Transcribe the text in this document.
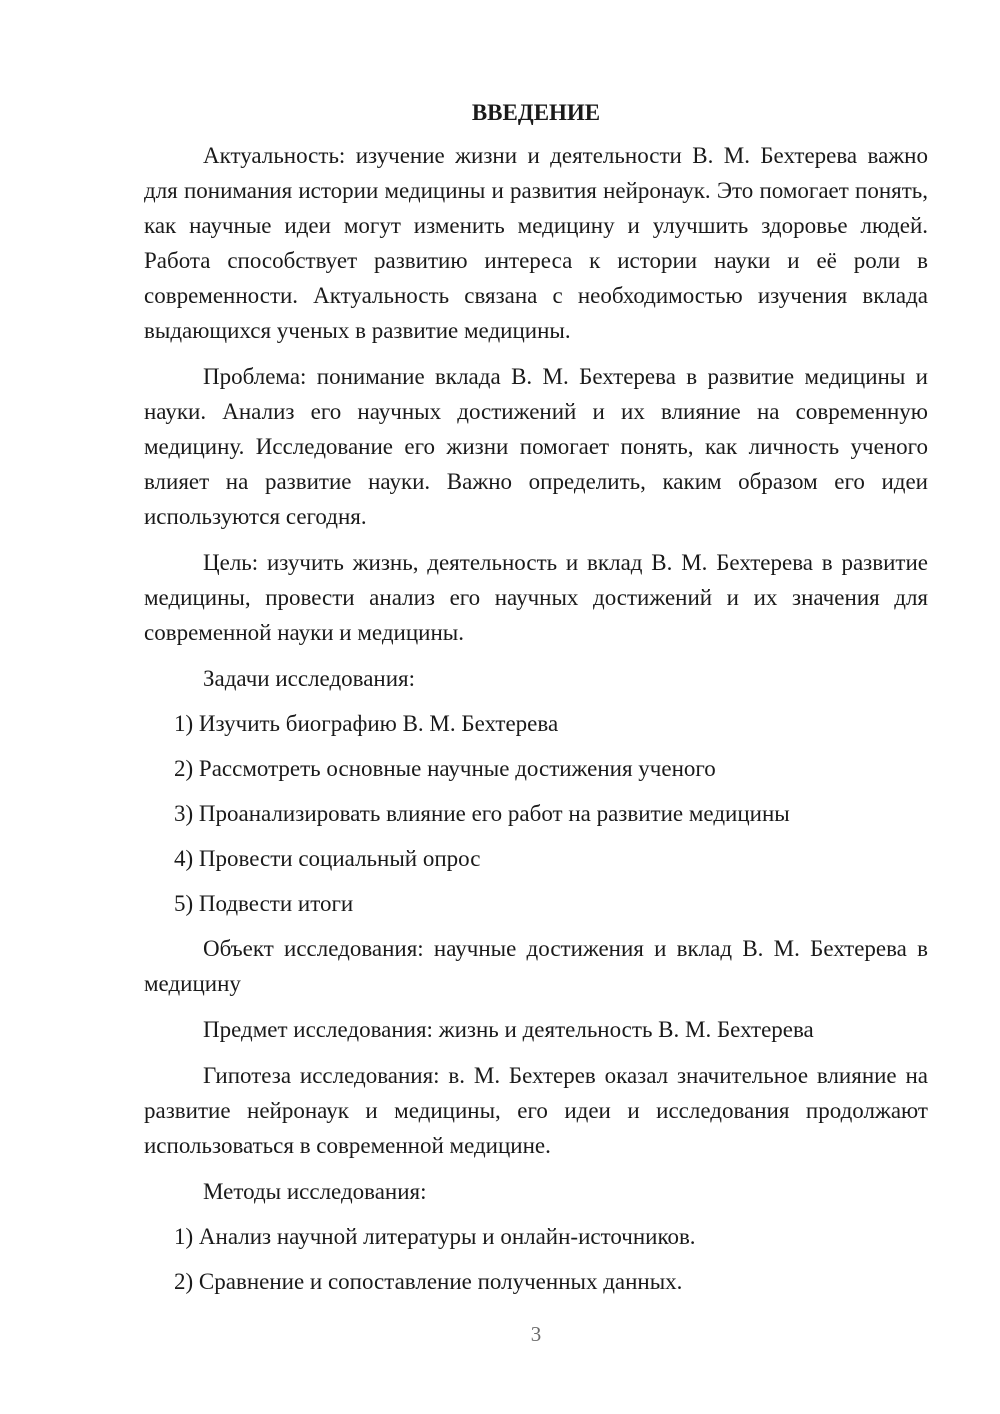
ВВЕДЕНИЕ

Актуальность: изучение жизни и деятельности В. М. Бехтерева важно для понимания истории медицины и развития нейронаук. Это помогает понять, как научные идеи могут изменить медицину и улучшить здоровье людей. Работа способствует развитию интереса к истории науки и её роли в современности. Актуальность связана с необходимостью изучения вклада выдающихся ученых в развитие медицины.

Проблема: понимание вклада В. М. Бехтерева в развитие медицины и науки. Анализ его научных достижений и их влияние на современную медицину. Исследование его жизни помогает понять, как личность ученого влияет на развитие науки. Важно определить, каким образом его идеи используются сегодня.

Цель: изучить жизнь, деятельность и вклад В. М. Бехтерева в развитие медицины, провести анализ его научных достижений и их значения для современной науки и медицины.

Задачи исследования:
1) Изучить биографию В. М. Бехтерева
2) Рассмотреть основные научные достижения ученого
3) Проанализировать влияние его работ на развитие медицины
4) Провести социальный опрос
5) Подвести итоги

Объект исследования: научные достижения и вклад В. М. Бехтерева в медицину

Предмет исследования: жизнь и деятельность В. М. Бехтерева

Гипотеза исследования: в. М. Бехтерев оказал значительное влияние на развитие нейронаук и медицины, его идеи и исследования продолжают использоваться в современной медицине.

Методы исследования:
1) Анализ научной литературы и онлайн-источников.
2) Сравнение и сопоставление полученных данных.
3
